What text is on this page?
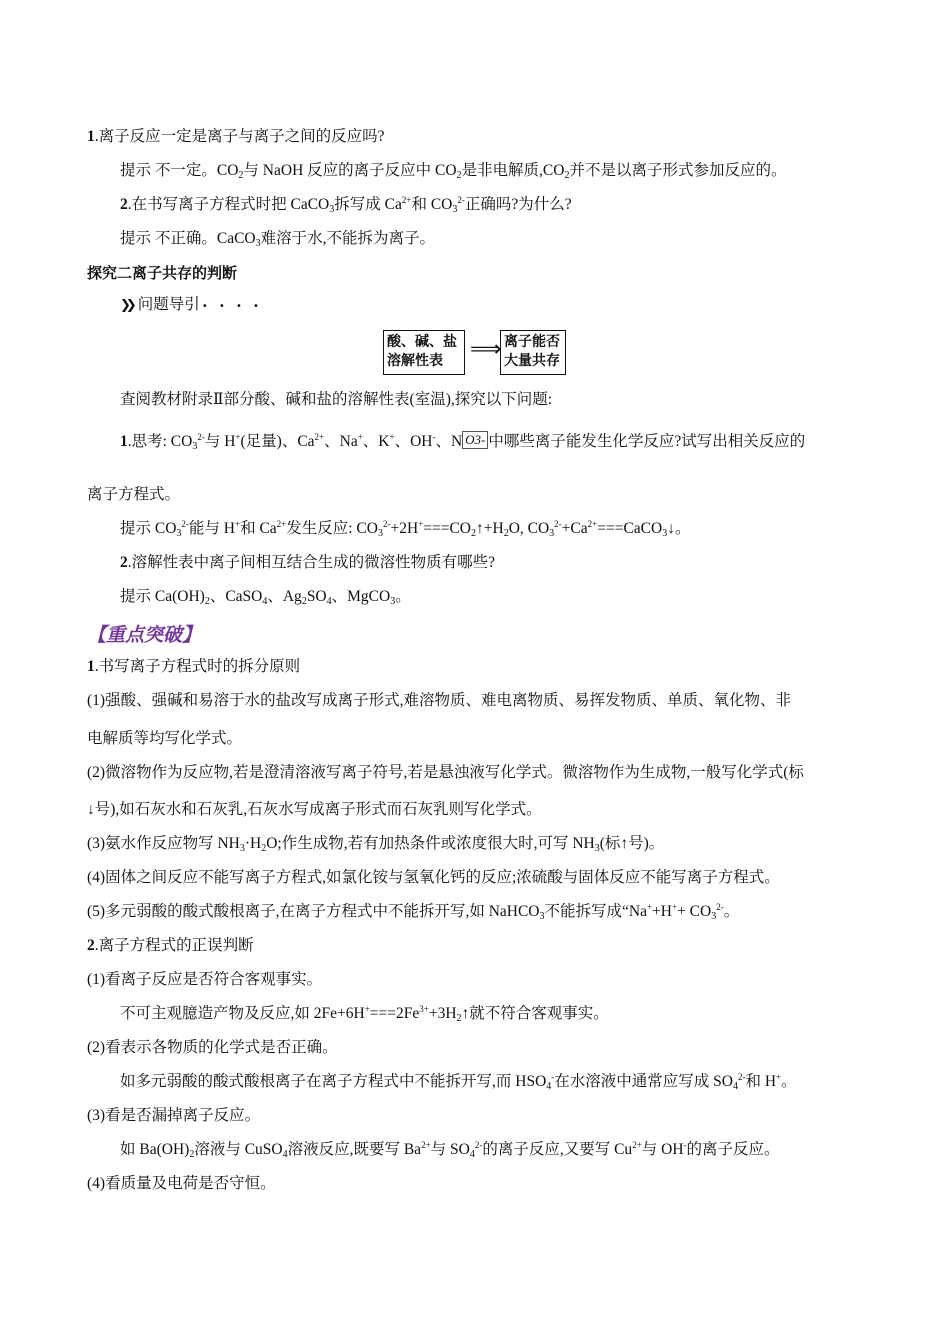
1.离子反应一定是离子与离子之间的反应吗?
提示 不一定。$CO_2$与 NaOH 反应的离子反应中 $CO_2$是非电解质$,CO_2$并不是以离子形式参加反应的。
2.在书写离子方程式时把 CaCO$_3$拆写成 $Ca^{2+}$和 $CO_3^{2-}$正确吗?为什么?
提示 不正确。CaCO$_3$难溶于水,不能拆为离子。
探究二离子共存的判断
❯❯ 问题导引 • • • •
酸、碱、盐
溶解性表	⟹ 离子能否
大量共存
查阅教材附录Ⅱ部分酸、碱和盐的溶解性表(室温),探究以下问题:
1.思考: $CO_3^{2-}$与 H+(足量)、$Ca^{2+}$、Na+、K+、OH-、N O3- 中哪些离子能发生化学反应?试写出相关反应的
离子方程式。
提示 $CO_3^{2-}$能与 H+和 $Ca^{2+}$发生反应: $CO_3^{2-}+2H^+===CO_2↑+H_2O$, $CO_3^{2-}+Ca^{2+}===CaCO_3↓$。
2.溶解性表中离子间相互结合生成的微溶性物质有哪些?
提示 $Ca(OH)_2$、CaSO$_4$、$Ag_2SO_4$、MgCO$_3$。
【重点突破】
1.书写离子方程式时的拆分原则
(1)强酸、强碱和易溶于水的盐改写成离子形式,难溶物质、难电离物质、易挥发物质、单质、氧化物、非
电解质等均写化学式。
(2)微溶物作为反应物,若是澄清溶液写离子符号,若是悬浊液写化学式。微溶物作为生成物,一般写化学式(标
↓号),如石灰水和石灰乳,石灰水写成离子形式而石灰乳则写化学式。
(3)氨水作反应物写 $NH_3\cdot H_2O$;作生成物,若有加热条件或浓度很大时,可写 $NH_3$(标↑号)。
(4)固体之间反应不能写离子方程式,如氯化铵与氢氧化钙的反应;浓硫酸与固体反应不能写离子方程式。
(5)多元弱酸的酸式酸根离子,在离子方程式中不能拆开写,如 NaHCO$_3$不能拆写成“$Na^++H^++ CO_3^{2-}$。
2.离子方程式的正误判断
(1)看离子反应是否符合客观事实。
不可主观臆造产物及反应,如 $2Fe+6H^+===2Fe^{3+}+3H_2↑$就不符合客观事实。
(2)看表示各物质的化学式是否正确。
如多元弱酸的酸式酸根离子在离子方程式中不能拆开写,而 $HSO_4^-$在水溶液中通常应写成 $SO_4^{2-}$和 H+。
(3)看是否漏掉离子反应。
如 $Ba(OH)_2$溶液与 CuSO$_4$溶液反应,既要写 $Ba^{2+}$与 $SO_4^{2-}$的离子反应,又要写 $Cu^{2+}$与 OH-的离子反应。
(4)看质量及电荷是否守恒。
